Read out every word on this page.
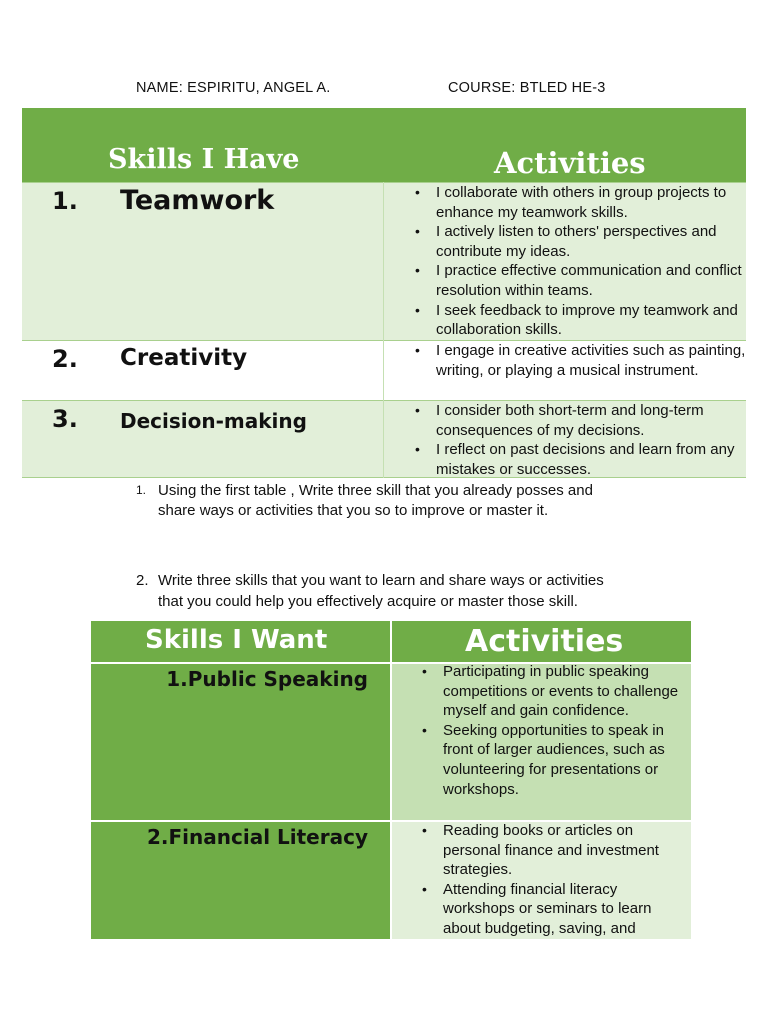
NAME: ESPIRITU, ANGEL A.	COURSE: BTLED HE-3
Skills I Have	Activities
1. Teamwork	• I collaborate with others in group projects to enhance my teamwork skills.
• I actively listen to others' perspectives and contribute my ideas.
• I practice effective communication and conflict resolution within teams.
• I seek feedback to improve my teamwork and collaboration skills.
2. Creativity	• I engage in creative activities such as painting, writing, or playing a musical instrument.
3. Decision-making	• I consider both short-term and long-term consequences of my decisions.
• I reflect on past decisions and learn from any mistakes or successes.
1. Using the first table , Write three skill that you already posses and
share ways or activities that you so to improve or master it.
2. Write three skills that you want to learn and share ways or activities
that you could help you effectively acquire or master those skill.
Skills I Want	Activities
1.Public Speaking	• Participating in public speaking competitions or events to challenge myself and gain confidence.
• Seeking opportunities to speak in front of larger audiences, such as volunteering for presentations or workshops.
2.Financial Literacy	• Reading books or articles on personal finance and investment strategies.
• Attending financial literacy workshops or seminars to learn about budgeting, saving, and
